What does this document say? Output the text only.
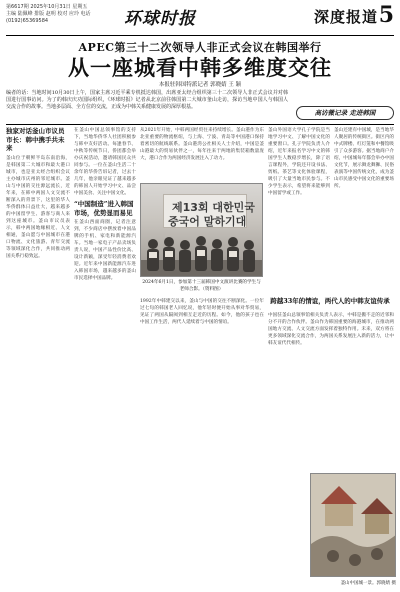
第6617期 2025年10月31日 星期五
主编 陆佩峰 排版 赵明 校对 应玲 电话(0192)65369584	环球时报	深度报道 5
APEC第三十二次领导人非正式会议在韩国举行
从一座城看中韩多维度交往
本报驻韩国特派记者 郭晓婧 王 颖
编者的话：当地时间10月30日上午，国家主席习近平乘专机抵达韩国，出席亚太经合组织第三十二次领导人非正式会议并对韩国进行国事访问。为了的韩庆庆功国际组织，《环球时报》记者从北京前往韩国第二大城市釜山走访，探访当地中国人与韩国人交流合作的故事。当地多层面、全方位的交流，正成为中韩关系健康发展的深厚根基。
高访微记录 走进韩国
独家对话釜山市议员市长：韩中携手共未来
釜山位于朝鲜半岛东南沿海，是韩国第二大城市和最大港口城市，也是亚太经合组织会议主办城市庆州的邻近城市。釜山与中国的交往源远流长，近年来，在韩中两国人文交流不断深入的背景下，这里的华人华侨群体日益壮大，越来越多的中国留学生、游客与商人来到这座城市。釜山市议员表示，韩中两国地缘相近、人文相通，釜山愿与中国城市在港口物流、文化旅游、青年交流等领域深化合作，共同推动两国关系行稳致远。
在釜山中国总领事馆的支持下，当地华侨华人社团积极参与韩中友好活动。每逢春节、中秋等传统节日，侨团都会举办庆祝活动，邀请韩国民众共同参与。一位在釜山生活二十余年的华侨告诉记者，过去十几年，他亲眼见证了越来越多的韩国人开始学习中文、品尝中国美食、关注中国文化。
“中国制造”进入韩国市场，优势显而易见
在釜山西面商圈，记者注意到，不少商店中摆放着中国品牌的手机、家电和新能源汽车。当地一家电子产品卖场负责人说，中国产品性价比高、设计新颖，深受年轻消费者欢迎。近年来中国新能源汽车进入韩国市场，越来越多的釜山市民选择中国品牌。
从2021年开始，中韩两国经贸往来持续增长。釜山港作为东北亚重要的物流枢纽，与上海、宁波、青岛等中国港口保持着密切的航线联系。釜山港湾公社相关人士介绍，中国是釜山港最大的贸易伙伴之一，每年往来于两地的集装箱数量庞大，港口合作为两国经济发展注入了动力。
제13회 대한민국
중국어 말하기대
2024年6月1日，参加第十三届韩国中文演讲比赛的学生与老师合影。（资料图）
釜山外国语大学孔子学院是当地学习中文、了解中国文化的重要窗口。孔子学院负责人介绍，近年来报名学习中文的韩国学生人数稳步增长，除了语言课程外，学院还开设书法、剪纸、茶艺等文化体验课程，吸引了大量当地市民参与。不少学生表示，希望将来能够到中国留学或工作。
釜山还建有中国城，是当地华人聚居的传统街区。街区内的中式牌楼、红灯笼和中餐馆吸引了众多游客。据当地商户介绍，中国城每年都会举办中国文化节，展示舞龙舞狮、民俗表演等中国传统文化，成为釜山市民感受中国文化的重要场所。
跨越33年的情谊，两代人的中韩友谊传承
1992年中韩建交以来，釜山与中国的交往不断深化。一位年过七旬的韩国老人回忆说，他年轻时便开始从事对华贸易，见证了两国从隔阂到相互走近的历程。如今，他的孩子也在中国工作生活，两代人延续着与中国的情谊。
中国驻釜山总领事馆相关负责人表示，中韩是搬不走的近邻和分不开的合作伙伴。釜山作为韩国重要的海港城市，在推动两国地方交流、人文交流方面发挥着独特作用。未来，双方将在更多领域深化交流合作，为两国关系发展注入新的活力，让中韩友谊代代相传。
釜山中国城一景。郭晓婧 摄
